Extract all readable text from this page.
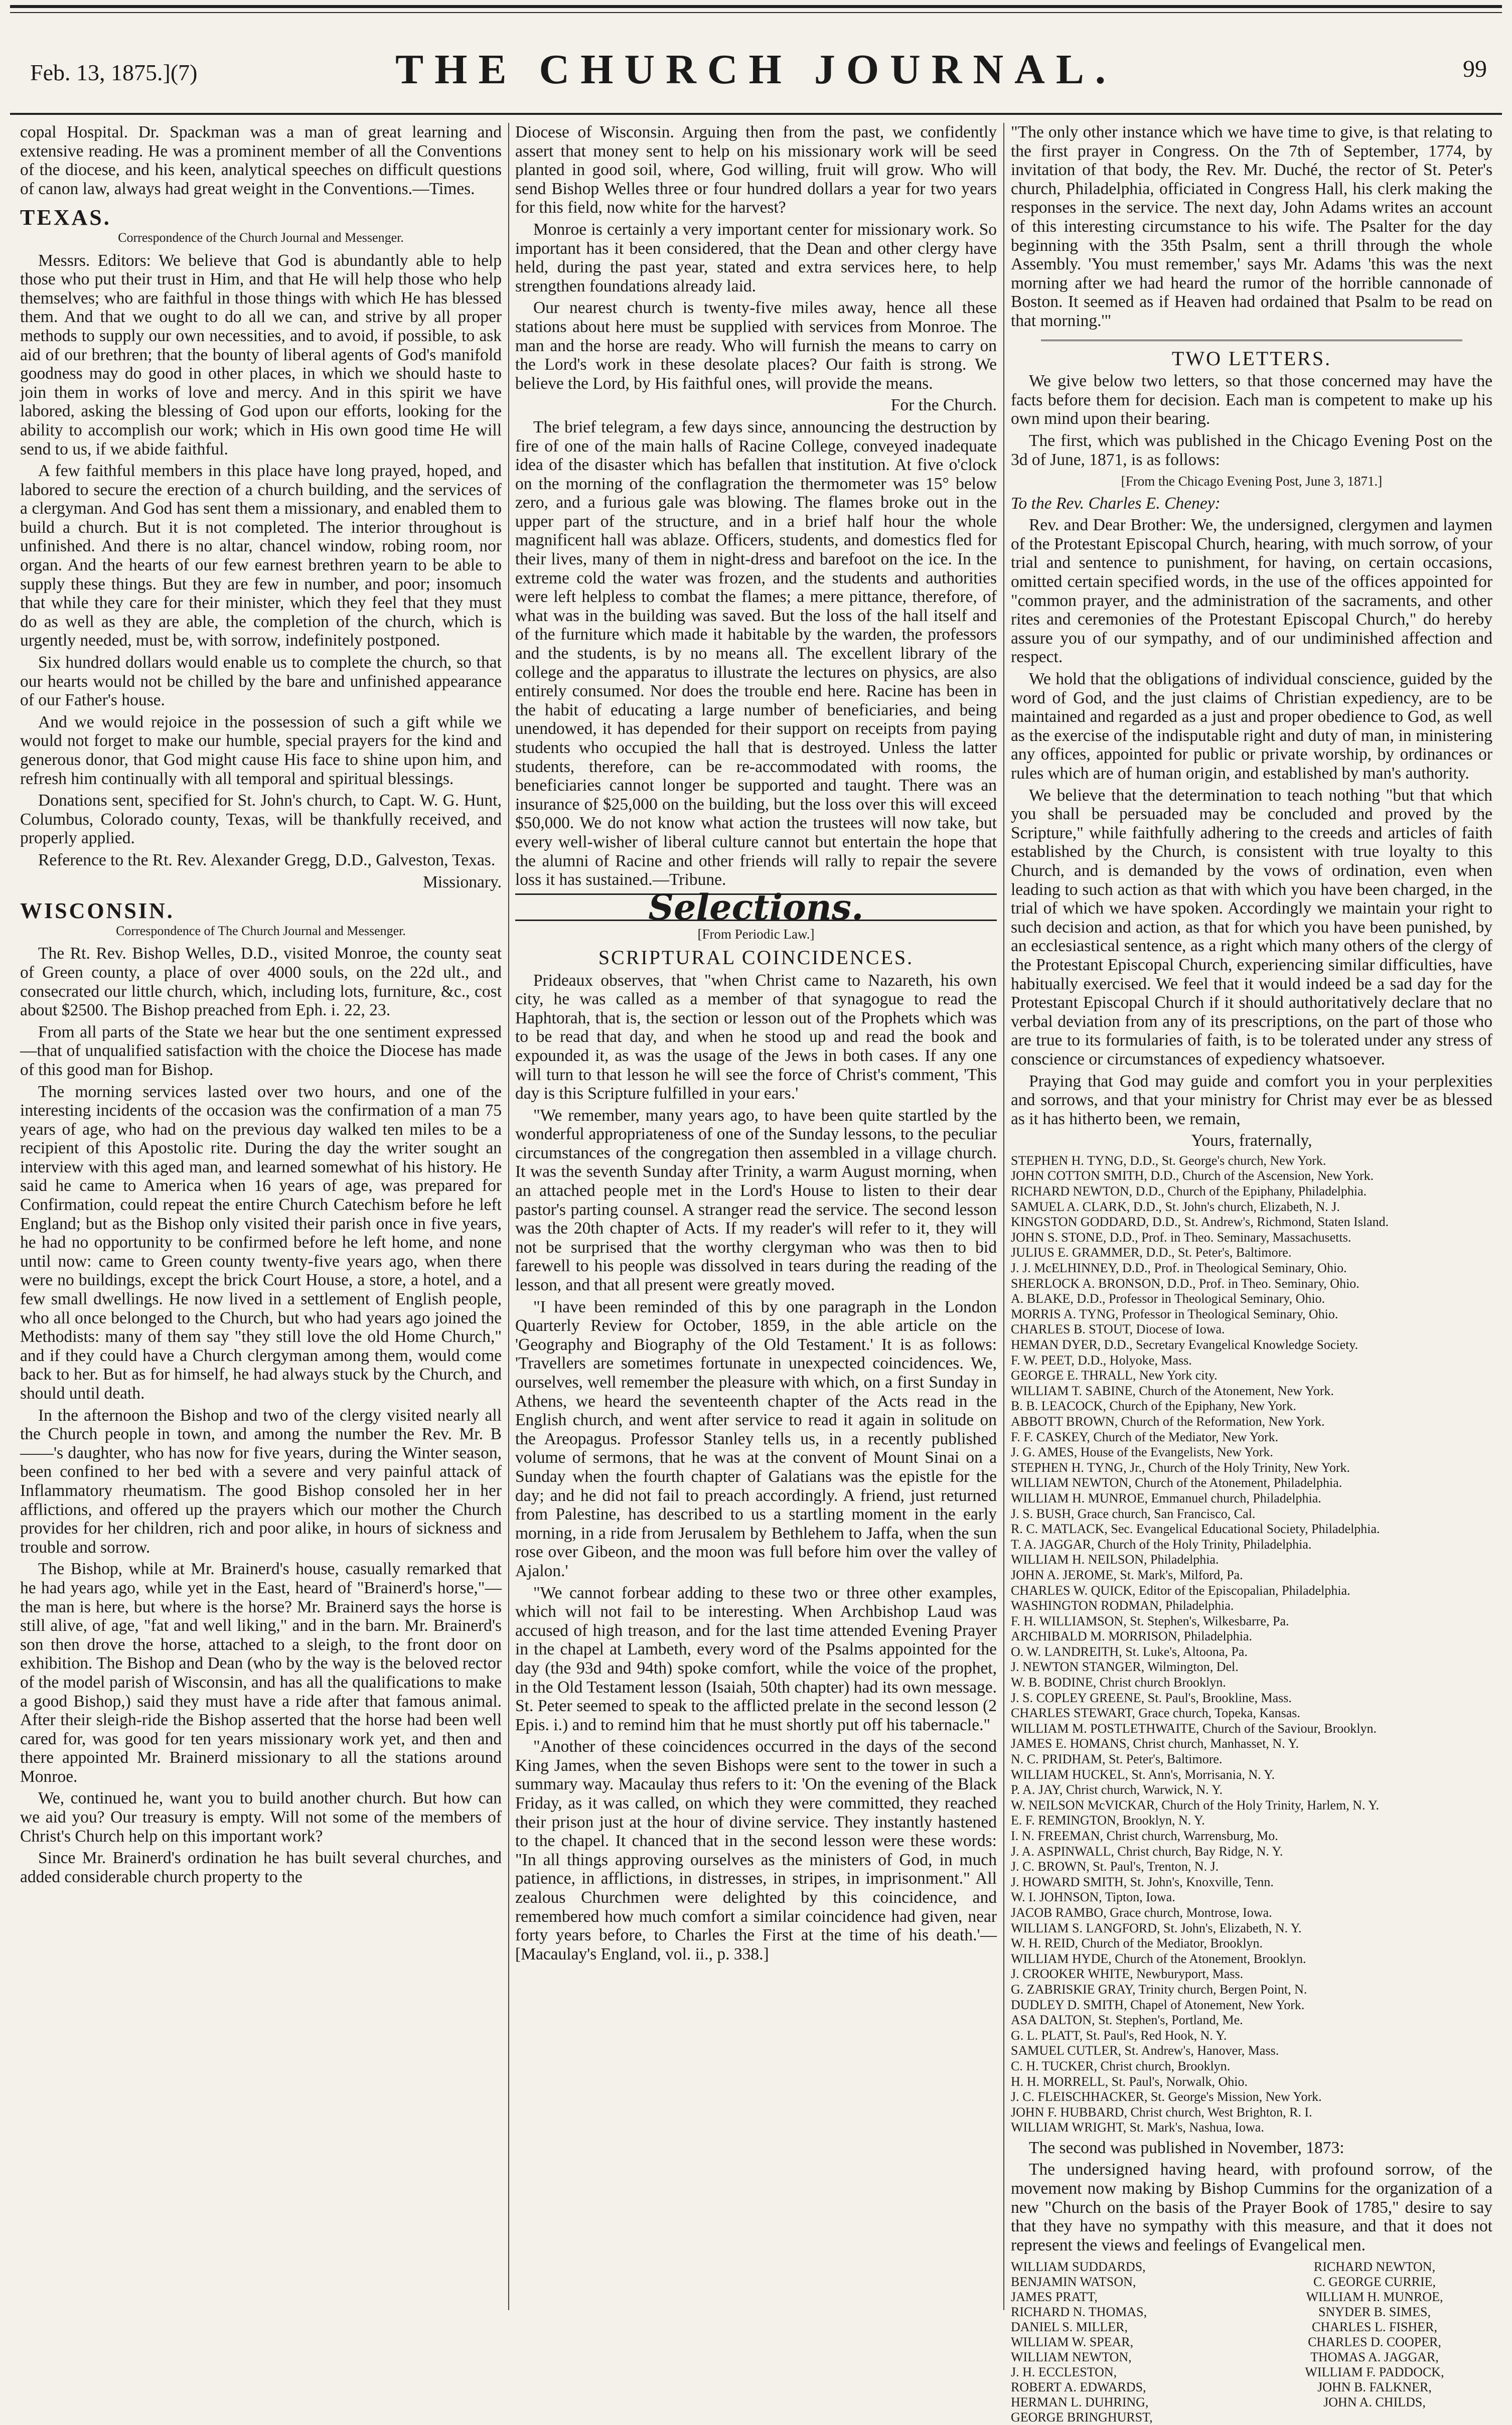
Feb. 13, 1875.](7)	THE CHURCH JOURNAL.	99

copal Hospital. Dr. Spackman was a man of great learning and extensive reading. He was a prominent member of all the Conventions of the diocese, and his keen, analytical speeches on difficult questions of canon law, always had great weight in the Conventions.—Times.

TEXAS.

Correspondence of the Church Journal and Messenger.

Messrs. Editors: We believe that God is abundantly able to help those who put their trust in Him, and that He will help those who help themselves; who are faithful in those things with which He has blessed them. And that we ought to do all we can, and strive by all proper methods to supply our own necessities, and to avoid, if possible, to ask aid of our brethren; that the bounty of liberal agents of God's manifold goodness may do good in other places, in which we should haste to join them in works of love and mercy. And in this spirit we have labored, asking the blessing of God upon our efforts, looking for the ability to accomplish our work; which in His own good time He will send to us, if we abide faithful.

A few faithful members in this place have long prayed, hoped, and labored to secure the erection of a church building, and the services of a clergyman. And God has sent them a missionary, and enabled them to build a church. But it is not completed. The interior throughout is unfinished. And there is no altar, chancel window, robing room, nor organ. And the hearts of our few earnest brethren yearn to be able to supply these things. But they are few in number, and poor; insomuch that while they care for their minister, which they feel that they must do as well as they are able, the completion of the church, which is urgently needed, must be, with sorrow, indefinitely postponed.

Six hundred dollars would enable us to complete the church, so that our hearts would not be chilled by the bare and unfinished appearance of our Father's house.

And we would rejoice in the possession of such a gift while we would not forget to make our humble, special prayers for the kind and generous donor, that God might cause His face to shine upon him, and refresh him continually with all temporal and spiritual blessings.

Donations sent, specified for St. John's church, to Capt. W. G. Hunt, Columbus, Colorado county, Texas, will be thankfully received, and properly applied.

Reference to the Rt. Rev. Alexander Gregg, D.D., Galveston, Texas.

Missionary.

WISCONSIN.

Correspondence of The Church Journal and Messenger.

The Rt. Rev. Bishop Welles, D.D., visited Monroe, the county seat of Green county, a place of over 4000 souls, on the 22d ult., and consecrated our little church, which, including lots, furniture, &c., cost about $2500. The Bishop preached from Eph. i. 22, 23.

From all parts of the State we hear but the one sentiment expressed—that of unqualified satisfaction with the choice the Diocese has made of this good man for Bishop.

The morning services lasted over two hours, and one of the interesting incidents of the occasion was the confirmation of a man 75 years of age, who had on the previous day walked ten miles to be a recipient of this Apostolic rite. During the day the writer sought an interview with this aged man, and learned somewhat of his history. He said he came to America when 16 years of age, was prepared for Confirmation, could repeat the entire Church Catechism before he left England; but as the Bishop only visited their parish once in five years, he had no opportunity to be confirmed before he left home, and none until now: came to Green county twenty-five years ago, when there were no buildings, except the brick Court House, a store, a hotel, and a few small dwellings. He now lived in a settlement of English people, who all once belonged to the Church, but who had years ago joined the Methodists: many of them say "they still love the old Home Church," and if they could have a Church clergyman among them, would come back to her. But as for himself, he had always stuck by the Church, and should until death.

In the afternoon the Bishop and two of the clergy visited nearly all the Church people in town, and among the number the Rev. Mr. B——'s daughter, who has now for five years, during the Winter season, been confined to her bed with a severe and very painful attack of Inflammatory rheumatism. The good Bishop consoled her in her afflictions, and offered up the prayers which our mother the Church provides for her children, rich and poor alike, in hours of sickness and trouble and sorrow.

The Bishop, while at Mr. Brainerd's house, casually remarked that he had years ago, while yet in the East, heard of "Brainerd's horse,"—the man is here, but where is the horse? Mr. Brainerd says the horse is still alive, of age, "fat and well liking," and in the barn. Mr. Brainerd's son then drove the horse, attached to a sleigh, to the front door on exhibition. The Bishop and Dean (who by the way is the beloved rector of the model parish of Wisconsin, and has all the qualifications to make a good Bishop,) said they must have a ride after that famous animal. After their sleigh-ride the Bishop asserted that the horse had been well cared for, was good for ten years missionary work yet, and then and there appointed Mr. Brainerd missionary to all the stations around Monroe.

We, continued he, want you to build another church. But how can we aid you? Our treasury is empty. Will not some of the members of Christ's Church help on this important work?

Since Mr. Brainerd's ordination he has built several churches, and added considerable church property to the

Diocese of Wisconsin. Arguing then from the past, we confidently assert that money sent to help on his missionary work will be seed planted in good soil, where, God willing, fruit will grow. Who will send Bishop Welles three or four hundred dollars a year for two years for this field, now white for the harvest?

Monroe is certainly a very important center for missionary work. So important has it been considered, that the Dean and other clergy have held, during the past year, stated and extra services here, to help strengthen foundations already laid.

Our nearest church is twenty-five miles away, hence all these stations about here must be supplied with services from Monroe. The man and the horse are ready. Who will furnish the means to carry on the Lord's work in these desolate places? Our faith is strong. We believe the Lord, by His faithful ones, will provide the means.

For the Church.

The brief telegram, a few days since, announcing the destruction by fire of one of the main halls of Racine College, conveyed inadequate idea of the disaster which has befallen that institution. At five o'clock on the morning of the conflagration the thermometer was 15° below zero, and a furious gale was blowing. The flames broke out in the upper part of the structure, and in a brief half hour the whole magnificent hall was ablaze. Officers, students, and domestics fled for their lives, many of them in night-dress and barefoot on the ice. In the extreme cold the water was frozen, and the students and authorities were left helpless to combat the flames; a mere pittance, therefore, of what was in the building was saved. But the loss of the hall itself and of the furniture which made it habitable by the warden, the professors and the students, is by no means all. The excellent library of the college and the apparatus to illustrate the lectures on physics, are also entirely consumed. Nor does the trouble end here. Racine has been in the habit of educating a large number of beneficiaries, and being unendowed, it has depended for their support on receipts from paying students who occupied the hall that is destroyed. Unless the latter students, therefore, can be re-accommodated with rooms, the beneficiaries cannot longer be supported and taught. There was an insurance of $25,000 on the building, but the loss over this will exceed $50,000. We do not know what action the trustees will now take, but every well-wisher of liberal culture cannot but entertain the hope that the alumni of Racine and other friends will rally to repair the severe loss it has sustained.—Tribune.

Selections.

[From Periodic Law.]

SCRIPTURAL COINCIDENCES.

Prideaux observes, that "when Christ came to Nazareth, his own city, he was called as a member of that synagogue to read the Haphtorah, that is, the section or lesson out of the Prophets which was to be read that day, and when he stood up and read the book and expounded it, as was the usage of the Jews in both cases. If any one will turn to that lesson he will see the force of Christ's comment, 'This day is this Scripture fulfilled in your ears.'

"We remember, many years ago, to have been quite startled by the wonderful appropriateness of one of the Sunday lessons, to the peculiar circumstances of the congregation then assembled in a village church. It was the seventh Sunday after Trinity, a warm August morning, when an attached people met in the Lord's House to listen to their dear pastor's parting counsel. A stranger read the service. The second lesson was the 20th chapter of Acts. If my reader's will refer to it, they will not be surprised that the worthy clergyman who was then to bid farewell to his people was dissolved in tears during the reading of the lesson, and that all present were greatly moved.

"I have been reminded of this by one paragraph in the London Quarterly Review for October, 1859, in the able article on the 'Geography and Biography of the Old Testament.' It is as follows: 'Travellers are sometimes fortunate in unexpected coincidences. We, ourselves, well remember the pleasure with which, on a first Sunday in Athens, we heard the seventeenth chapter of the Acts read in the English church, and went after service to read it again in solitude on the Areopagus. Professor Stanley tells us, in a recently published volume of sermons, that he was at the convent of Mount Sinai on a Sunday when the fourth chapter of Galatians was the epistle for the day; and he did not fail to preach accordingly. A friend, just returned from Palestine, has described to us a startling moment in the early morning, in a ride from Jerusalem by Bethlehem to Jaffa, when the sun rose over Gibeon, and the moon was full before him over the valley of Ajalon.'

"We cannot forbear adding to these two or three other examples, which will not fail to be interesting. When Archbishop Laud was accused of high treason, and for the last time attended Evening Prayer in the chapel at Lambeth, every word of the Psalms appointed for the day (the 93d and 94th) spoke comfort, while the voice of the prophet, in the Old Testament lesson (Isaiah, 50th chapter) had its own message. St. Peter seemed to speak to the afflicted prelate in the second lesson (2 Epis. i.) and to remind him that he must shortly put off his tabernacle."

"Another of these coincidences occurred in the days of the second King James, when the seven Bishops were sent to the tower in such a summary way. Macaulay thus refers to it: 'On the evening of the Black Friday, as it was called, on which they were committed, they reached their prison just at the hour of divine service. They instantly hastened to the chapel. It chanced that in the second lesson were these words: "In all things approving ourselves as the ministers of God, in much patience, in afflictions, in distresses, in stripes, in imprisonment." All zealous Churchmen were delighted by this coincidence, and remembered how much comfort a similar coincidence had given, near forty years before, to Charles the First at the time of his death.'—[Macaulay's England, vol. ii., p. 338.]

"The only other instance which we have time to give, is that relating to the first prayer in Congress. On the 7th of September, 1774, by invitation of that body, the Rev. Mr. Duché, the rector of St. Peter's church, Philadelphia, officiated in Congress Hall, his clerk making the responses in the service. The next day, John Adams writes an account of this interesting circumstance to his wife. The Psalter for the day beginning with the 35th Psalm, sent a thrill through the whole Assembly. 'You must remember,' says Mr. Adams 'this was the next morning after we had heard the rumor of the horrible cannonade of Boston. It seemed as if Heaven had ordained that Psalm to be read on that morning.'"

TWO LETTERS.

We give below two letters, so that those concerned may have the facts before them for decision. Each man is competent to make up his own mind upon their bearing.

The first, which was published in the Chicago Evening Post on the 3d of June, 1871, is as follows:

[From the Chicago Evening Post, June 3, 1871.]

To the Rev. Charles E. Cheney:

Rev. and Dear Brother: We, the undersigned, clergymen and laymen of the Protestant Episcopal Church, hearing, with much sorrow, of your trial and sentence to punishment, for having, on certain occasions, omitted certain specified words, in the use of the offices appointed for "common prayer, and the administration of the sacraments, and other rites and ceremonies of the Protestant Episcopal Church," do hereby assure you of our sympathy, and of our undiminished affection and respect.

We hold that the obligations of individual conscience, guided by the word of God, and the just claims of Christian expediency, are to be maintained and regarded as a just and proper obedience to God, as well as the exercise of the indisputable right and duty of man, in ministering any offices, appointed for public or private worship, by ordinances or rules which are of human origin, and established by man's authority.

We believe that the determination to teach nothing "but that which you shall be persuaded may be concluded and proved by the Scripture," while faithfully adhering to the creeds and articles of faith established by the Church, is consistent with true loyalty to this Church, and is demanded by the vows of ordination, even when leading to such action as that with which you have been charged, in the trial of which we have spoken. Accordingly we maintain your right to such decision and action, as that for which you have been punished, by an ecclesiastical sentence, as a right which many others of the clergy of the Protestant Episcopal Church, experiencing similar difficulties, have habitually exercised. We feel that it would indeed be a sad day for the Protestant Episcopal Church if it should authoritatively declare that no verbal deviation from any of its prescriptions, on the part of those who are true to its formularies of faith, is to be tolerated under any stress of conscience or circumstances of expediency whatsoever.

Praying that God may guide and comfort you in your perplexities and sorrows, and that your ministry for Christ may ever be as blessed as it has hitherto been, we remain,

Yours, fraternally,

STEPHEN H. TYNG, D.D., St. George's church, New York.

JOHN COTTON SMITH, D.D., Church of the Ascension, New York.

RICHARD NEWTON, D.D., Church of the Epiphany, Philadelphia.

SAMUEL A. CLARK, D.D., St. John's church, Elizabeth, N. J.

KINGSTON GODDARD, D.D., St. Andrew's, Richmond, Staten Island.

JOHN S. STONE, D.D., Prof. in Theo. Seminary, Massachusetts.

JULIUS E. GRAMMER, D.D., St. Peter's, Baltimore.

J. J. McELHINNEY, D.D., Prof. in Theological Seminary, Ohio.

SHERLOCK A. BRONSON, D.D., Prof. in Theo. Seminary, Ohio.

A. BLAKE, D.D., Professor in Theological Seminary, Ohio.

MORRIS A. TYNG, Professor in Theological Seminary, Ohio.

CHARLES B. STOUT, Diocese of Iowa.

HEMAN DYER, D.D., Secretary Evangelical Knowledge Society.

F. W. PEET, D.D., Holyoke, Mass.

GEORGE E. THRALL, New York city.

WILLIAM T. SABINE, Church of the Atonement, New York.

B. B. LEACOCK, Church of the Epiphany, New York.

ABBOTT BROWN, Church of the Reformation, New York.

F. F. CASKEY, Church of the Mediator, New York.

J. G. AMES, House of the Evangelists, New York.

STEPHEN H. TYNG, Jr., Church of the Holy Trinity, New York.

WILLIAM NEWTON, Church of the Atonement, Philadelphia.

WILLIAM H. MUNROE, Emmanuel church, Philadelphia.

J. S. BUSH, Grace church, San Francisco, Cal.

R. C. MATLACK, Sec. Evangelical Educational Society, Philadelphia.

T. A. JAGGAR, Church of the Holy Trinity, Philadelphia.

WILLIAM H. NEILSON, Philadelphia.

JOHN A. JEROME, St. Mark's, Milford, Pa.

CHARLES W. QUICK, Editor of the Episcopalian, Philadelphia.

WASHINGTON RODMAN, Philadelphia.

F. H. WILLIAMSON, St. Stephen's, Wilkesbarre, Pa.

ARCHIBALD M. MORRISON, Philadelphia.

O. W. LANDREITH, St. Luke's, Altoona, Pa.

J. NEWTON STANGER, Wilmington, Del.

W. B. BODINE, Christ church Brooklyn.

J. S. COPLEY GREENE, St. Paul's, Brookline, Mass.

CHARLES STEWART, Grace church, Topeka, Kansas.

WILLIAM M. POSTLETHWAITE, Church of the Saviour, Brooklyn.

JAMES E. HOMANS, Christ church, Manhasset, N. Y.

N. C. PRIDHAM, St. Peter's, Baltimore.

WILLIAM HUCKEL, St. Ann's, Morrisania, N. Y.

P. A. JAY, Christ church, Warwick, N. Y.

W. NEILSON McVICKAR, Church of the Holy Trinity, Harlem, N. Y.

E. F. REMINGTON, Brooklyn, N. Y.

I. N. FREEMAN, Christ church, Warrensburg, Mo.

J. A. ASPINWALL, Christ church, Bay Ridge, N. Y.

J. C. BROWN, St. Paul's, Trenton, N. J.

J. HOWARD SMITH, St. John's, Knoxville, Tenn.

W. I. JOHNSON, Tipton, Iowa.

JACOB RAMBO, Grace church, Montrose, Iowa.

WILLIAM S. LANGFORD, St. John's, Elizabeth, N. Y.

W. H. REID, Church of the Mediator, Brooklyn.

WILLIAM HYDE, Church of the Atonement, Brooklyn.

J. CROOKER WHITE, Newburyport, Mass.

G. ZABRISKIE GRAY, Trinity church, Bergen Point, N.

DUDLEY D. SMITH, Chapel of Atonement, New York.

ASA DALTON, St. Stephen's, Portland, Me.

G. L. PLATT, St. Paul's, Red Hook, N. Y.

SAMUEL CUTLER, St. Andrew's, Hanover, Mass.

C. H. TUCKER, Christ church, Brooklyn.

H. H. MORRELL, St. Paul's, Norwalk, Ohio.

J. C. FLEISCHHACKER, St. George's Mission, New York.

JOHN F. HUBBARD, Christ church, West Brighton, R. I.

WILLIAM WRIGHT, St. Mark's, Nashua, Iowa.

The second was published in November, 1873:

The undersigned having heard, with profound sorrow, of the movement now making by Bishop Cummins for the organization of a new "Church on the basis of the Prayer Book of 1785," desire to say that they have no sympathy with this measure, and that it does not represent the views and feelings of Evangelical men.

WILLIAM SUDDARDS,	RICHARD NEWTON,
BENJAMIN WATSON,	C. GEORGE CURRIE,
JAMES PRATT,	WILLIAM H. MUNROE,
RICHARD N. THOMAS,	SNYDER B. SIMES,
DANIEL S. MILLER,	CHARLES L. FISHER,
WILLIAM W. SPEAR,	CHARLES D. COOPER,
WILLIAM NEWTON,	THOMAS A. JAGGAR,
J. H. ECCLESTON,	WILLIAM F. PADDOCK,
ROBERT A. EDWARDS,	JOHN B. FALKNER,
HERMAN L. DUHRING,	JOHN A. CHILDS,
GEORGE BRINGHURST,
